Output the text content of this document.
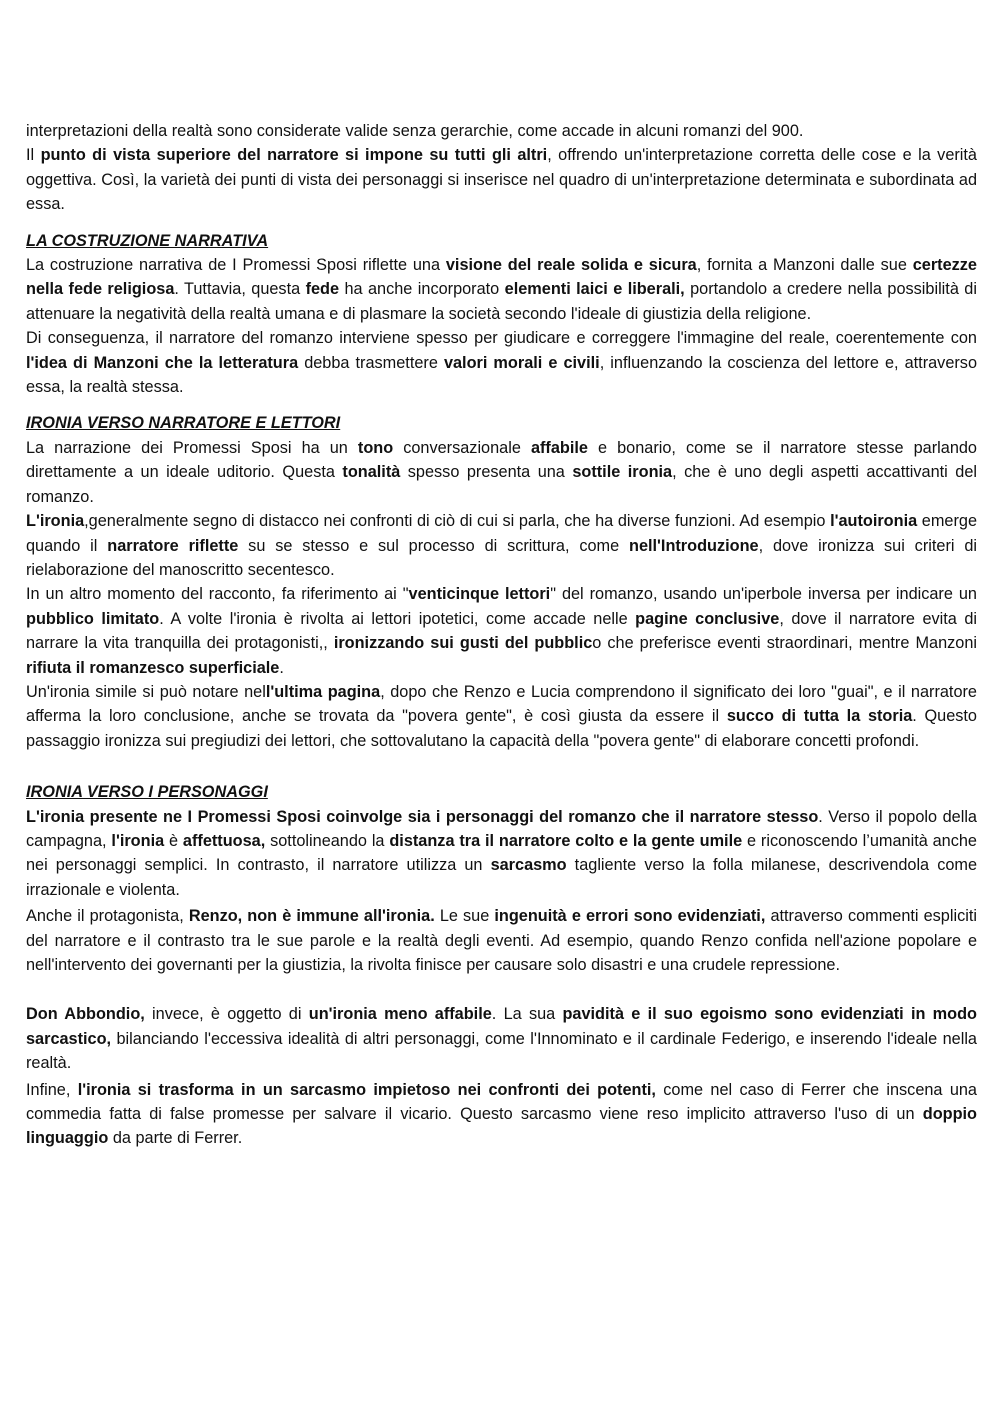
interpretazioni della realtà sono considerate valide senza gerarchie, come accade in alcuni romanzi del 900.

Il punto di vista superiore del narratore si impone su tutti gli altri, offrendo un'interpretazione corretta delle cose e la verità oggettiva. Così, la varietà dei punti di vista dei personaggi si inserisce nel quadro di un'interpretazione determinata e subordinata ad essa.

LA COSTRUZIONE NARRATIVA

La costruzione narrativa de I Promessi Sposi riflette una visione del reale solida e sicura, fornita a Manzoni dalle sue certezze nella fede religiosa. Tuttavia, questa fede ha anche incorporato elementi laici e liberali, portandolo a credere nella possibilità di attenuare la negatività della realtà umana e di plasmare la società secondo l'ideale di giustizia della religione.

Di conseguenza, il narratore del romanzo interviene spesso per giudicare e correggere l'immagine del reale, coerentemente con l'idea di Manzoni che la letteratura debba trasmettere valori morali e civili, influenzando la coscienza del lettore e, attraverso essa, la realtà stessa.

IRONIA VERSO NARRATORE E LETTORI

La narrazione dei Promessi Sposi ha un tono conversazionale affabile e bonario, come se il narratore stesse parlando direttamente a un ideale uditorio. Questa tonalità spesso presenta una sottile ironia, che è uno degli aspetti accattivanti del romanzo.

L'ironia,generalmente segno di distacco nei confronti di ciò di cui si parla, che ha diverse funzioni. Ad esempio l'autoironia emerge quando il narratore riflette su se stesso e sul processo di scrittura, come nell'Introduzione, dove ironizza sui criteri di rielaborazione del manoscritto secentesco.

In un altro momento del racconto, fa riferimento ai "venticinque lettori" del romanzo, usando un'iperbole inversa per indicare un pubblico limitato. A volte l'ironia è rivolta ai lettori ipotetici, come accade nelle pagine conclusive, dove il narratore evita di narrare la vita tranquilla dei protagonisti,, ironizzando sui gusti del pubblico che preferisce eventi straordinari, mentre Manzoni rifiuta il romanzesco superficiale.

Un'ironia simile si può notare nell'ultima pagina, dopo che Renzo e Lucia comprendono il significato dei loro "guai", e il narratore afferma la loro conclusione, anche se trovata da "povera gente", è così giusta da essere il succo di tutta la storia. Questo passaggio ironizza sui pregiudizi dei lettori, che sottovalutano la capacità della "povera gente" di elaborare concetti profondi.

IRONIA VERSO I PERSONAGGI

L'ironia presente ne I Promessi Sposi coinvolge sia i personaggi del romanzo che il narratore stesso. Verso il popolo della campagna, l'ironia è affettuosa, sottolineando la distanza tra il narratore colto e la gente umile e riconoscendo l’umanità anche nei personaggi semplici. In contrasto, il narratore utilizza un sarcasmo tagliente verso la folla milanese, descrivendola come irrazionale e violenta.

Anche il protagonista, Renzo, non è immune all'ironia. Le sue ingenuità e errori sono evidenziati, attraverso commenti espliciti del narratore e il contrasto tra le sue parole e la realtà degli eventi. Ad esempio, quando Renzo confida nell'azione popolare e nell'intervento dei governanti per la giustizia, la rivolta finisce per causare solo disastri e una crudele repressione.

Don Abbondio, invece, è oggetto di un'ironia meno affabile. La sua pavidità e il suo egoismo sono evidenziati in modo sarcastico, bilanciando l'eccessiva idealità di altri personaggi, come l'Innominato e il cardinale Federigo, e inserendo l'ideale nella realtà.

Infine, l'ironia si trasforma in un sarcasmo impietoso nei confronti dei potenti, come nel caso di Ferrer che inscena una commedia fatta di false promesse per salvare il vicario. Questo sarcasmo viene reso implicito attraverso l'uso di un doppio linguaggio da parte di Ferrer.
